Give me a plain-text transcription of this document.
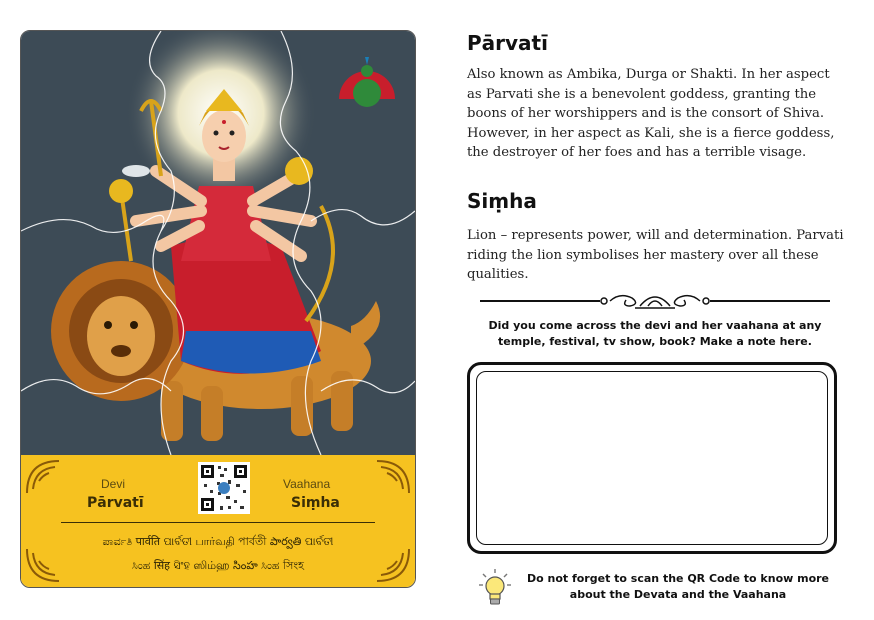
Devi
Pārvatī
Vaahana
Siṃha
ಪಾರ್ವತಿ पार्वति ପାର୍ବତୀ பார்வதி পার্বতী పార్వతి ପାର୍ବତୀ
ಸಿಂಹ सिंह ସିଂହ ஸிம்ஹ సింహ ಸಿಂಹ সিংহ
Pārvatī
Also known as Ambika, Durga or Shakti. In her aspect as Parvati she is a benevolent goddess, granting the boons of her worshippers and is the consort of Shiva. However, in her aspect as Kali, she is a fierce goddess, the destroyer of her foes and has a terrible visage.
Siṃha
Lion – represents power, will and determination. Parvati riding the lion symbolises her mastery over all these qualities.
Did you come across the devi and her vaahana at any temple, festival, tv show, book? Make a note here.
Do not forget to scan the QR Code to know more about the Devata and the Vaahana
